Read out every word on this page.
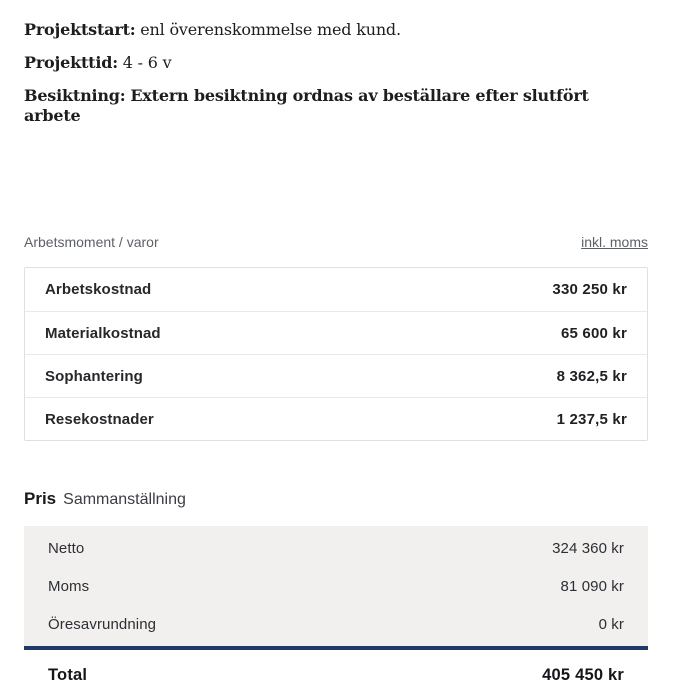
Projektstart: enl överenskommelse med kund.

Projekttid: 4 - 6 v

Besiktning: Extern besiktning ordnas av beställare efter slutfört arbete

Arbetsmoment / varor	inkl. moms
Arbetskostnad	330 250 kr
Materialkostnad	65 600 kr
Sophantering	8 362,5 kr
Resekostnader	1 237,5 kr
Pris Sammanställning
Netto	324 360 kr
Moms	81 090 kr
Öresavrundning	0 kr
Total	405 450 kr
